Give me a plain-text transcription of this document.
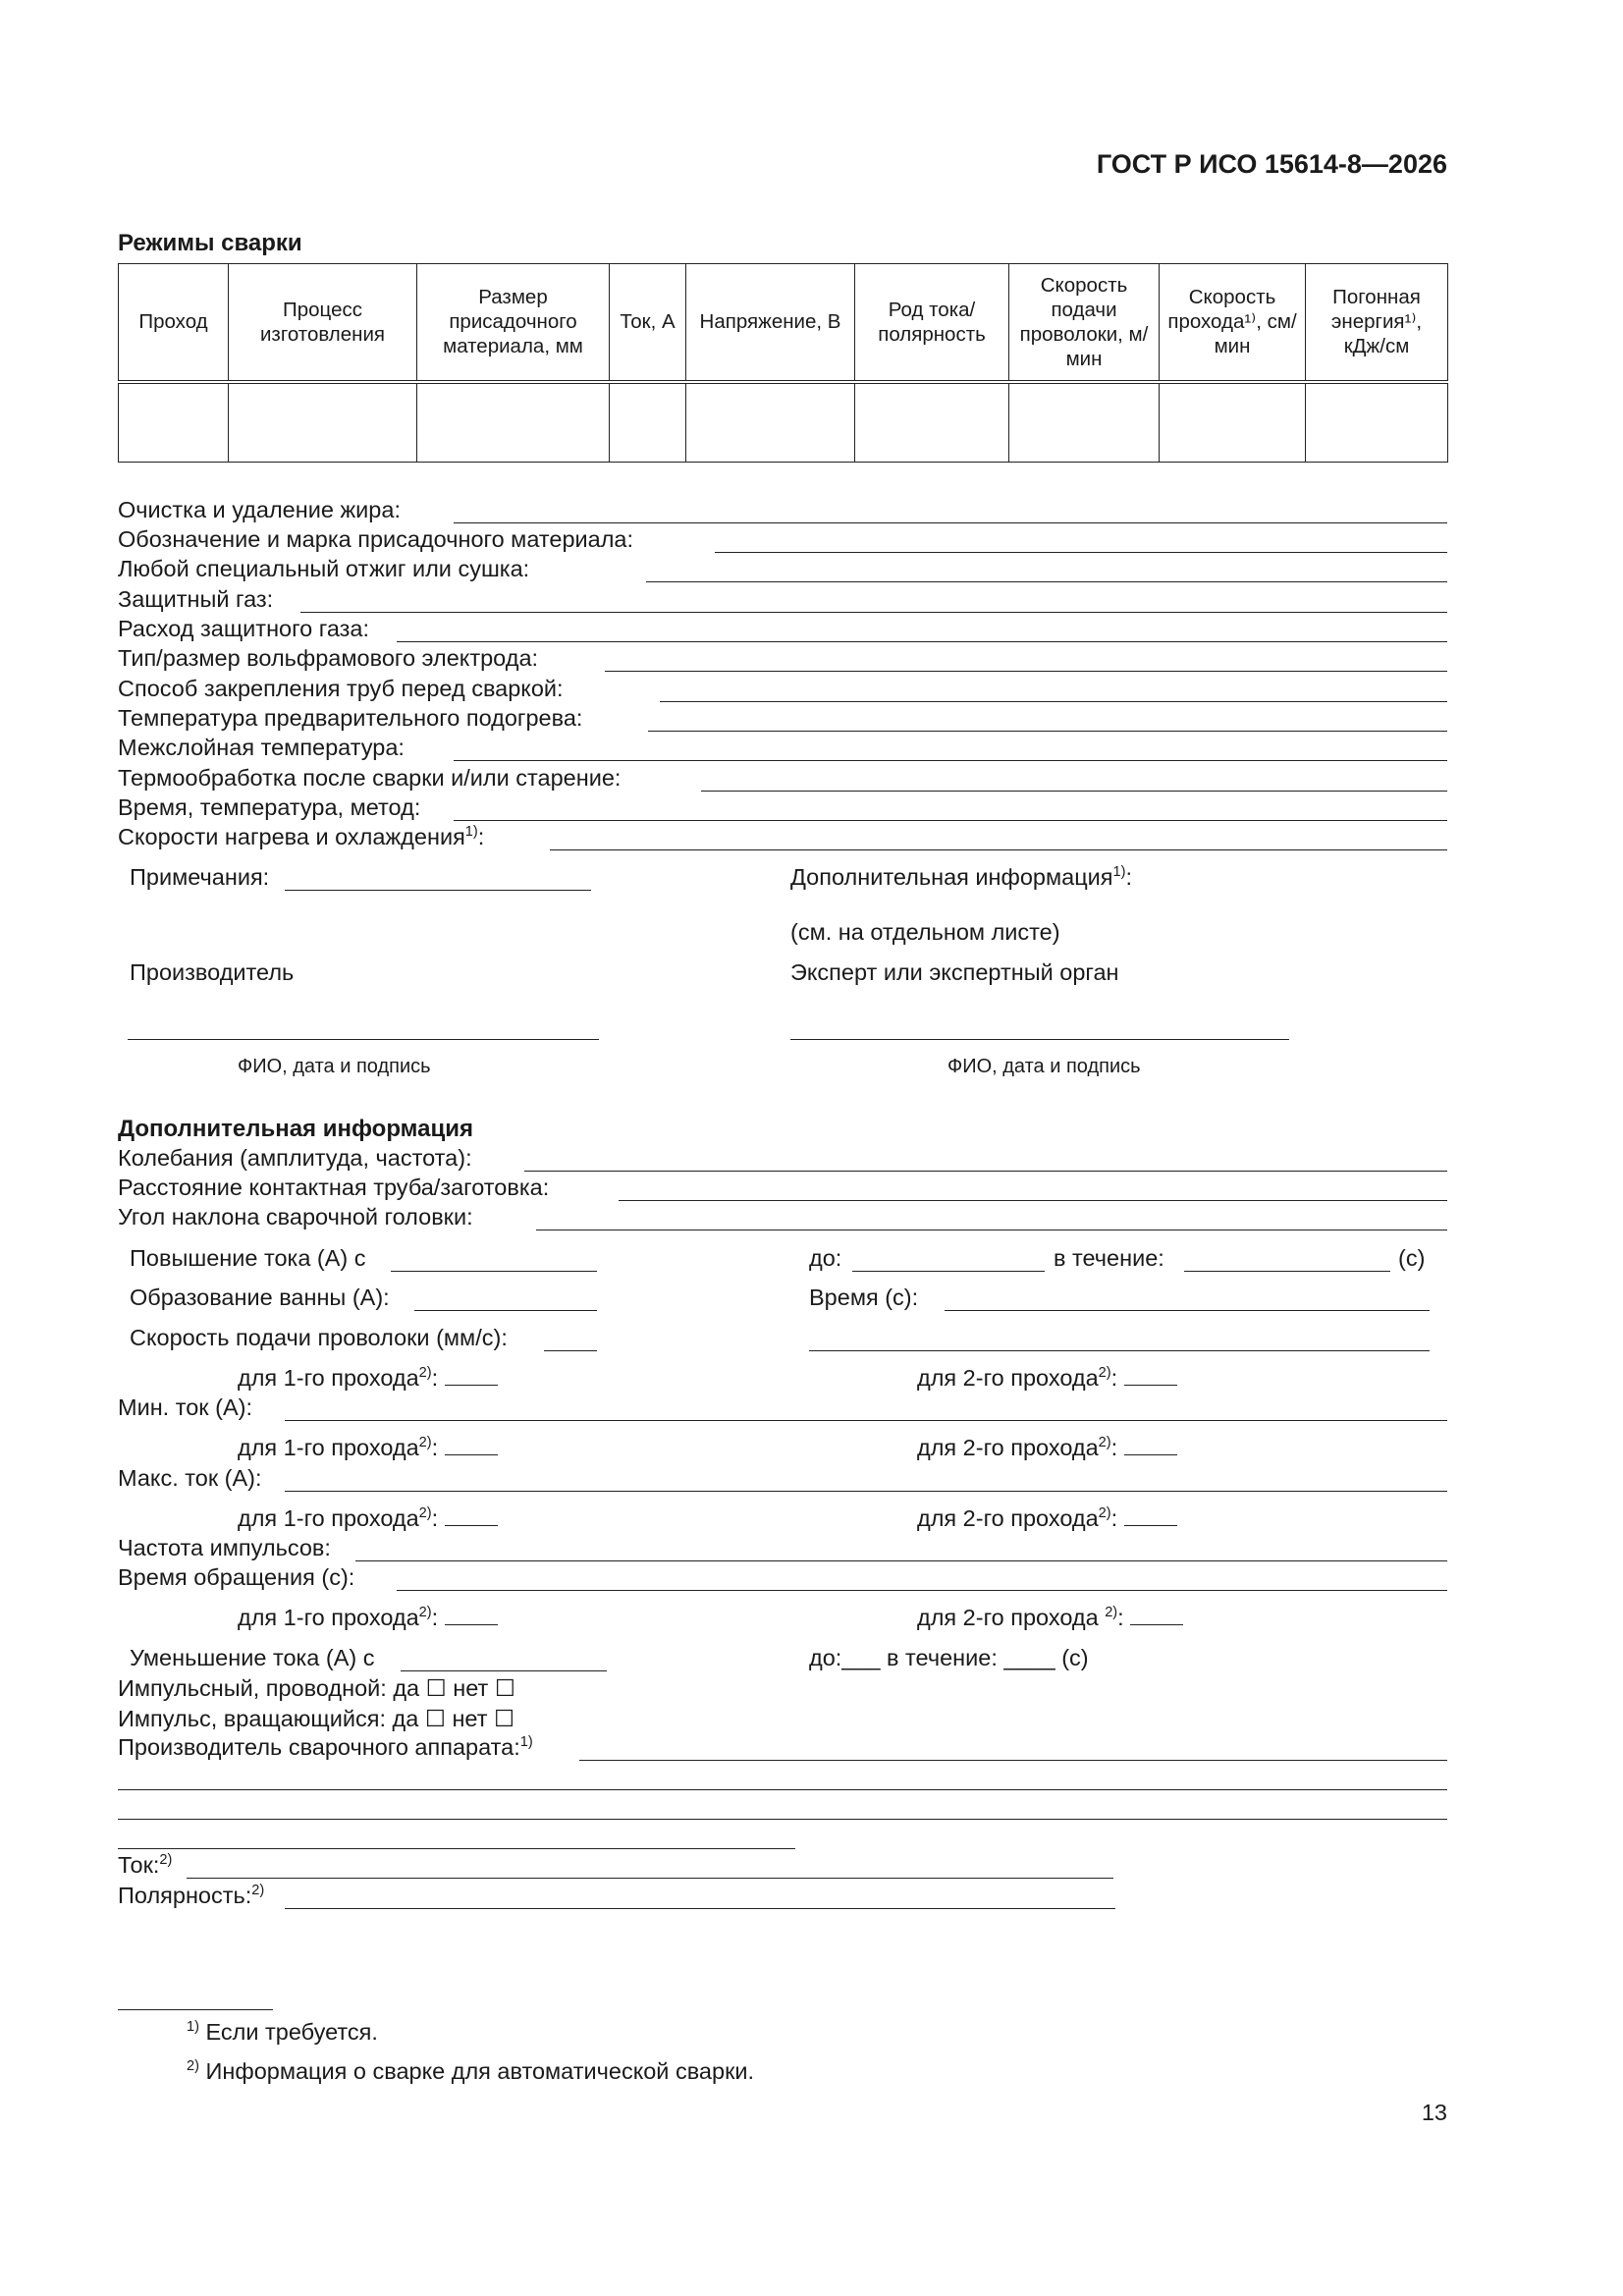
ГОСТ Р ИСО 15614-8—2026
Режимы сварки
Проход	Процесс изготовления	Размер присадочного материала, мм	Ток, А	Напряжение, В	Род тока/ полярность	Скорость подачи проволоки, м/мин	Скорость прохода¹⁾, см/мин	Погонная энергия¹⁾, кДж/см

Очистка и удаление жира:
Обозначение и марка присадочного материала:
Любой специальный отжиг или сушка:
Защитный газ:
Расход защитного газа:
Тип/размер вольфрамового электрода:
Способ закрепления труб перед сваркой:
Температура предварительного подогрева:
Межслойная температура:
Термообработка после сварки и/или старение:
Время, температура, метод:
Скорости нагрева и охлаждения$^{1)}$:
Примечания:	Дополнительная информация$^{1)}$:
(см. на отдельном листе)
Производитель	Эксперт или экспертный орган
ФИО, дата и подпись	ФИО, дата и подпись
Дополнительная информация
Колебания (амплитуда, частота):
Расстояние контактная труба/заготовка:
Угол наклона сварочной головки:
Повышение тока (А) с	до:	в течение:	(с)
Образование ванны (А):	Время (с):
Скорость подачи проволоки (мм/с):
для 1-го прохода$^{2)}$:	для 2-го прохода$^{2)}$:
Мин. ток (А):
для 1-го прохода$^{2)}$:	для 2-го прохода$^{2)}$:
Макс. ток (А):
для 1-го прохода$^{2)}$:	для 2-го прохода$^{2)}$:
Частота импульсов:
Время обращения (с):
для 1-го прохода$^{2)}$:	для 2-го прохода $^{2)}$:
Уменьшение тока (А) с	до:___ в течение: ____ (с)
Импульсный, проводной: да ☐ нет ☐
Импульс, вращающийся: да ☐ нет ☐
Производитель сварочного аппарата:$^{1)}$
Ток:$^{2)}$
Полярность:$^{2)}$
$^{1)}$ Если требуется.
$^{2)}$ Информация о сварке для автоматической сварки.
13
